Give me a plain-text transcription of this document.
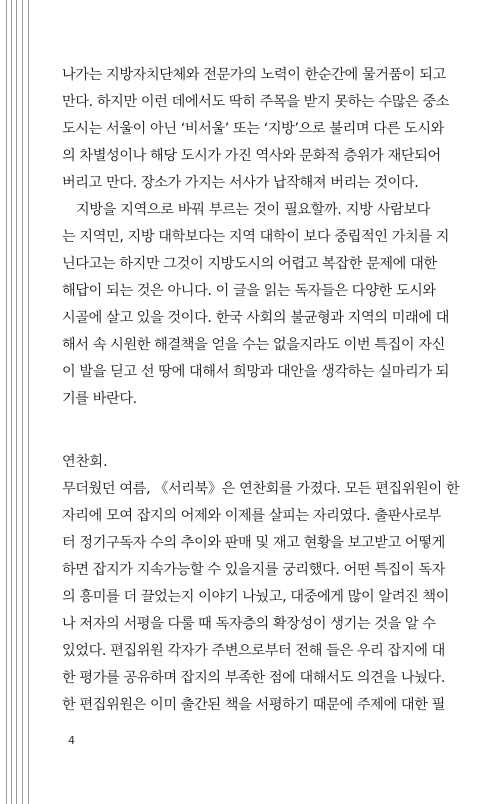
나가는 지방자치단체와 전문가의 노력이 한순간에 물거품이 되고

만다. 하지만 이런 데에서도 딱히 주목을 받지 못하는 수많은 중소

도시는 서울이 아닌 ‘비서울’ 또는 ‘지방’으로 불리며 다른 도시와

의 차별성이나 해당 도시가 가진 역사와 문화적 층위가 재단되어

버리고 만다. 장소가 가지는 서사가 납작해져 버리는 것이다.

지방을 지역으로 바꿔 부르는 것이 필요할까. 지방 사람보다

는 지역민, 지방 대학보다는 지역 대학이 보다 중립적인 가치를 지

닌다고는 하지만 그것이 지방도시의 어렵고 복잡한 문제에 대한

해답이 되는 것은 아니다. 이 글을 읽는 독자들은 다양한 도시와

시골에 살고 있을 것이다. 한국 사회의 불균형과 지역의 미래에 대

해서 속 시원한 해결책을 얻을 수는 없을지라도 이번 특집이 자신

이 발을 딛고 선 땅에 대해서 희망과 대안을 생각하는 실마리가 되

기를 바란다.

연찬회.

무더웠던 여름, 《서리북》은 연찬회를 가졌다. 모든 편집위원이 한

자리에 모여 잡지의 어제와 이제를 살피는 자리였다. 출판사로부

터 정기구독자 수의 추이와 판매 및 재고 현황을 보고받고 어떻게

하면 잡지가 지속가능할 수 있을지를 궁리했다. 어떤 특집이 독자

의 흥미를 더 끌었는지 이야기 나눴고, 대중에게 많이 알려진 책이

나 저자의 서평을 다룰 때 독자층의 확장성이 생기는 것을 알 수

있었다. 편집위원 각자가 주변으로부터 전해 들은 우리 잡지에 대

한 평가를 공유하며 잡지의 부족한 점에 대해서도 의견을 나눴다.

한 편집위원은 이미 출간된 책을 서평하기 때문에 주제에 대한 필

4
